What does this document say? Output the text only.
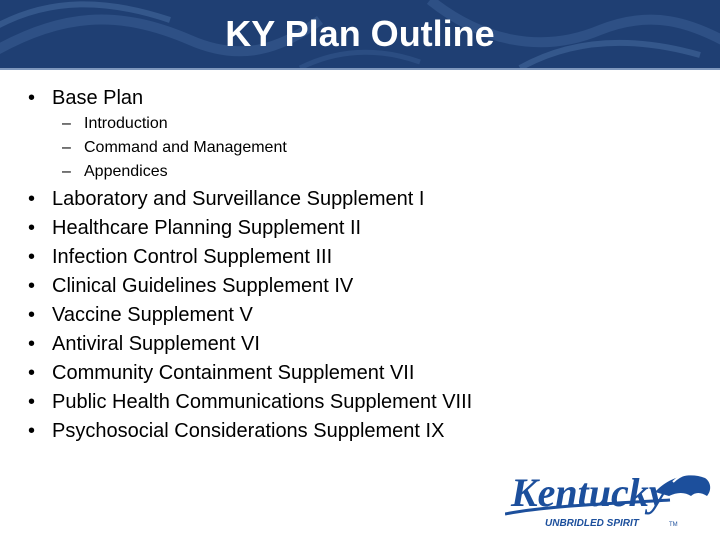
KY Plan Outline
• Base Plan
– Introduction
– Command and Management
– Appendices
• Laboratory and Surveillance Supplement I
• Healthcare Planning Supplement II
• Infection Control Supplement III
• Clinical Guidelines Supplement IV
• Vaccine Supplement V
• Antiviral Supplement VI
• Community Containment Supplement VII
• Public Health Communications Supplement VIII
• Psychosocial Considerations Supplement IX
Kentucky
UNBRIDLED SPIRIT	TM
